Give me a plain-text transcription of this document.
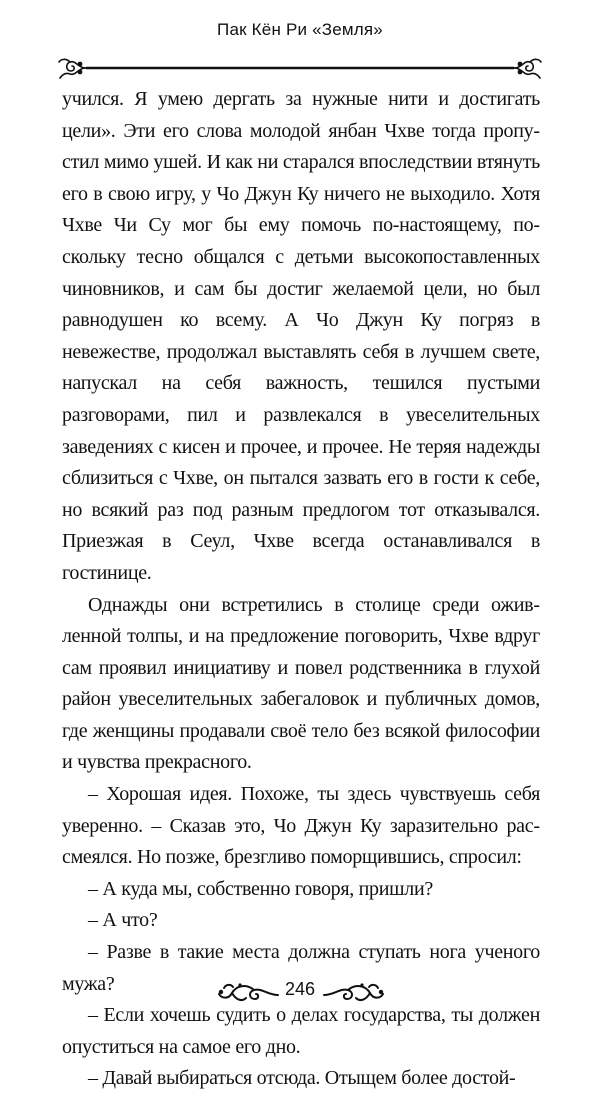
Пак Кён Ри «Земля»

учился. Я умею дергать за нужные нити и достигать цели». Эти его слова молодой янбан Чхве тогда пропустил мимо ушей. И как ни старался впоследствии втянуть его в свою игру, у Чо Джун Ку ничего не выходило. Хотя Чхве Чи Су мог бы ему помочь по-настоящему, поскольку тесно общался с детьми высокопоставленных чиновников, и сам бы достиг желаемой цели, но был равнодушен ко всему. А Чо Джун Ку погряз в невежестве, продолжал выставлять себя в лучшем свете, напускал на себя важность, тешился пустыми разговорами, пил и развлекался в увеселительных заведениях с кисен и прочее, и прочее. Не теряя надежды сблизиться с Чхве, он пытался зазвать его в гости к себе, но всякий раз под разным предлогом тот отказывался. Приезжая в Сеул, Чхве всегда останавливался в гостинице.

Однажды они встретились в столице среди оживленной толпы, и на предложение поговорить, Чхве вдруг сам проявил инициативу и повел родственника в глухой район увеселительных забегаловок и публичных домов, где женщины продавали своё тело без всякой философии и чувства прекрасного.

– Хорошая идея. Похоже, ты здесь чувствуешь себя уверенно. – Сказав это, Чо Джун Ку заразительно рассмеялся. Но позже, брезгливо поморщившись, спросил:

– А куда мы, собственно говоря, пришли?

– А что?

– Разве в такие места должна ступать нога ученого мужа?

– Если хочешь судить о делах государства, ты должен опуститься на самое его дно.

– Давай выбираться отсюда. Отыщем более достой-

246
